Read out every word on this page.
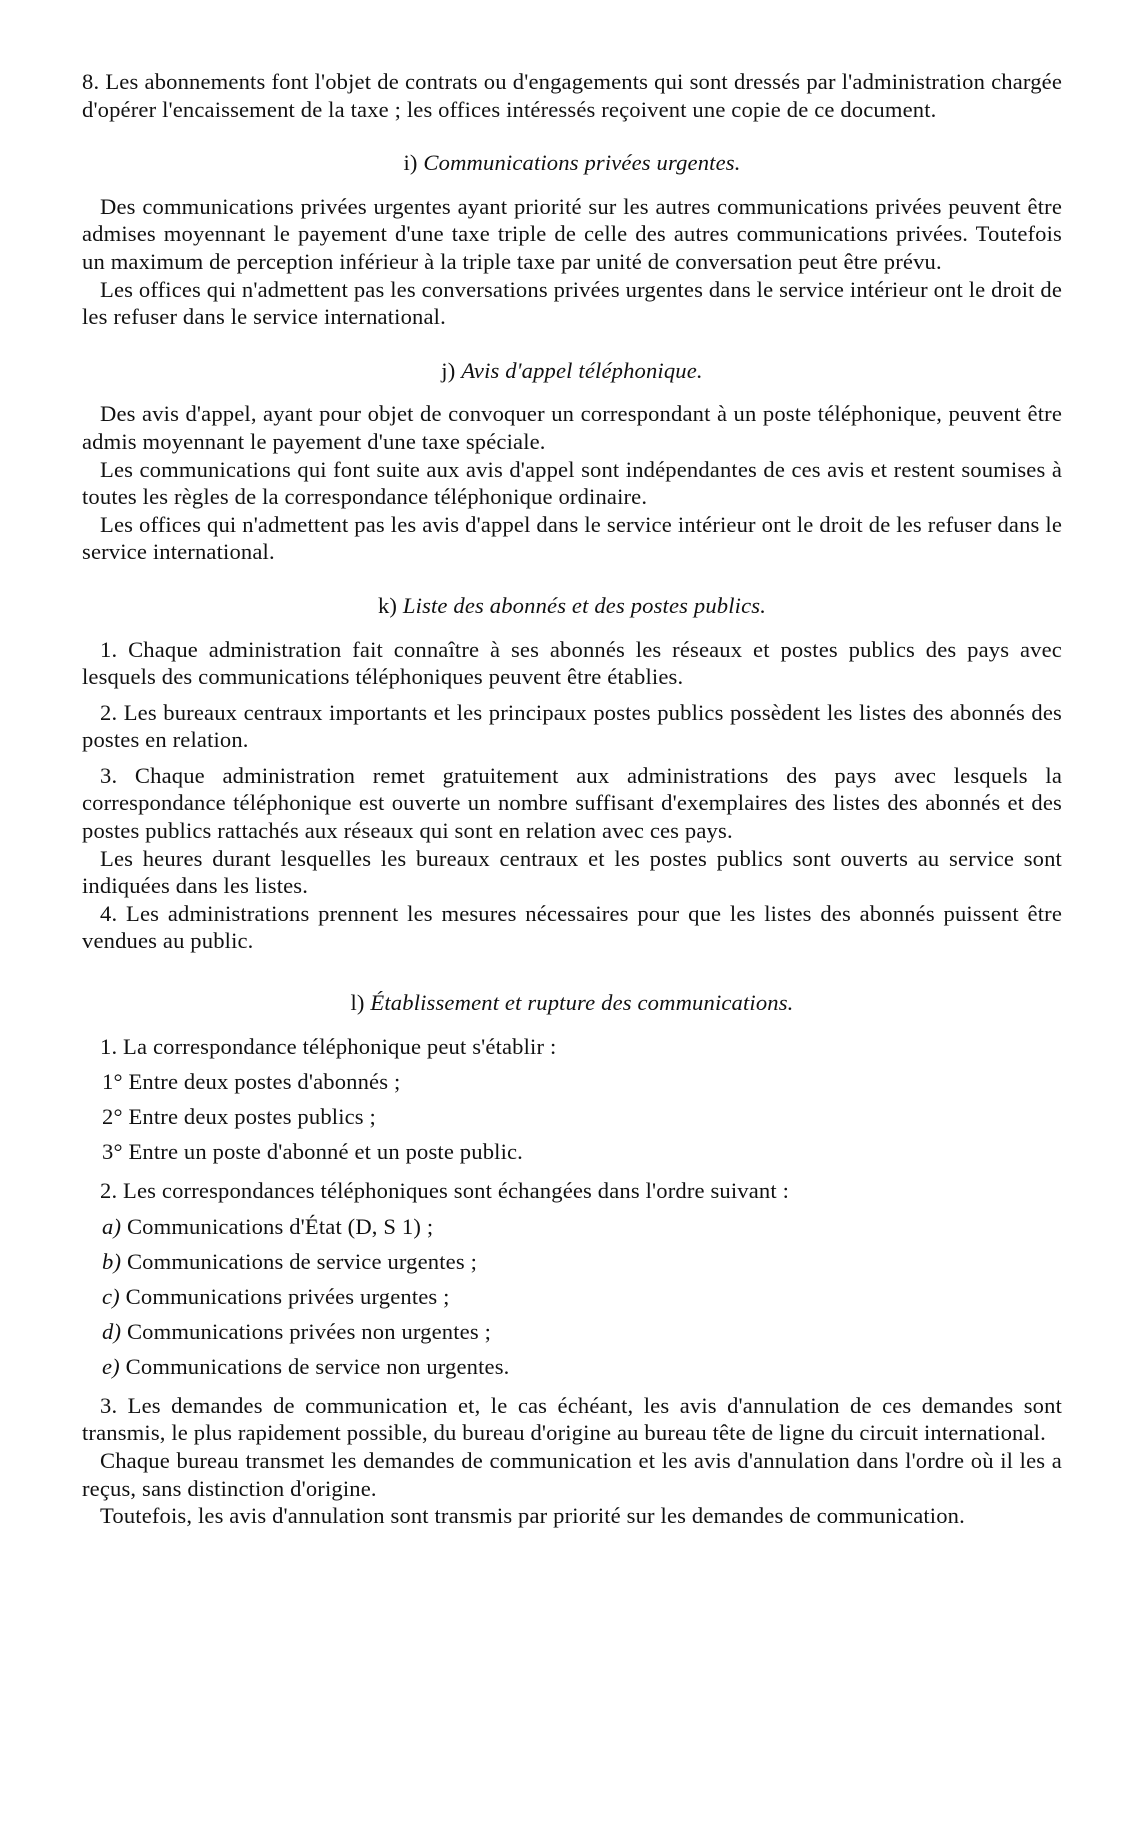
8. Les abonnements font l'objet de contrats ou d'engagements qui sont dressés par l'administration chargée d'opérer l'encaissement de la taxe ; les offices intéressés reçoivent une copie de ce document.

i) Communications privées urgentes.

Des communications privées urgentes ayant priorité sur les autres communications privées peuvent être admises moyennant le payement d'une taxe triple de celle des autres communications privées. Toutefois un maximum de perception inférieur à la triple taxe par unité de conversation peut être prévu.

Les offices qui n'admettent pas les conversations privées urgentes dans le service intérieur ont le droit de les refuser dans le service international.

j) Avis d'appel téléphonique.

Des avis d'appel, ayant pour objet de convoquer un correspondant à un poste téléphonique, peuvent être admis moyennant le payement d'une taxe spéciale.

Les communications qui font suite aux avis d'appel sont indépendantes de ces avis et restent soumises à toutes les règles de la correspondance téléphonique ordinaire.

Les offices qui n'admettent pas les avis d'appel dans le service intérieur ont le droit de les refuser dans le service international.

k) Liste des abonnés et des postes publics.

1. Chaque administration fait connaître à ses abonnés les réseaux et postes publics des pays avec lesquels des communications téléphoniques peuvent être établies.

2. Les bureaux centraux importants et les principaux postes publics possèdent les listes des abonnés des postes en relation.

3. Chaque administration remet gratuitement aux administrations des pays avec lesquels la correspondance téléphonique est ouverte un nombre suffisant d'exemplaires des listes des abonnés et des postes publics rattachés aux réseaux qui sont en relation avec ces pays.

Les heures durant lesquelles les bureaux centraux et les postes publics sont ouverts au service sont indiquées dans les listes.

4. Les administrations prennent les mesures nécessaires pour que les listes des abonnés puissent être vendues au public.

l) Établissement et rupture des communications.

1. La correspondance téléphonique peut s'établir :

1° Entre deux postes d'abonnés ;
2° Entre deux postes publics ;
3° Entre un poste d'abonné et un poste public.

2. Les correspondances téléphoniques sont échangées dans l'ordre suivant :

a) Communications d'État (D, S 1) ;
b) Communications de service urgentes ;
c) Communications privées urgentes ;
d) Communications privées non urgentes ;
e) Communications de service non urgentes.

3. Les demandes de communication et, le cas échéant, les avis d'annulation de ces demandes sont transmis, le plus rapidement possible, du bureau d'origine au bureau tête de ligne du circuit international.

Chaque bureau transmet les demandes de communication et les avis d'annulation dans l'ordre où il les a reçus, sans distinction d'origine.

Toutefois, les avis d'annulation sont transmis par priorité sur les demandes de communication.
